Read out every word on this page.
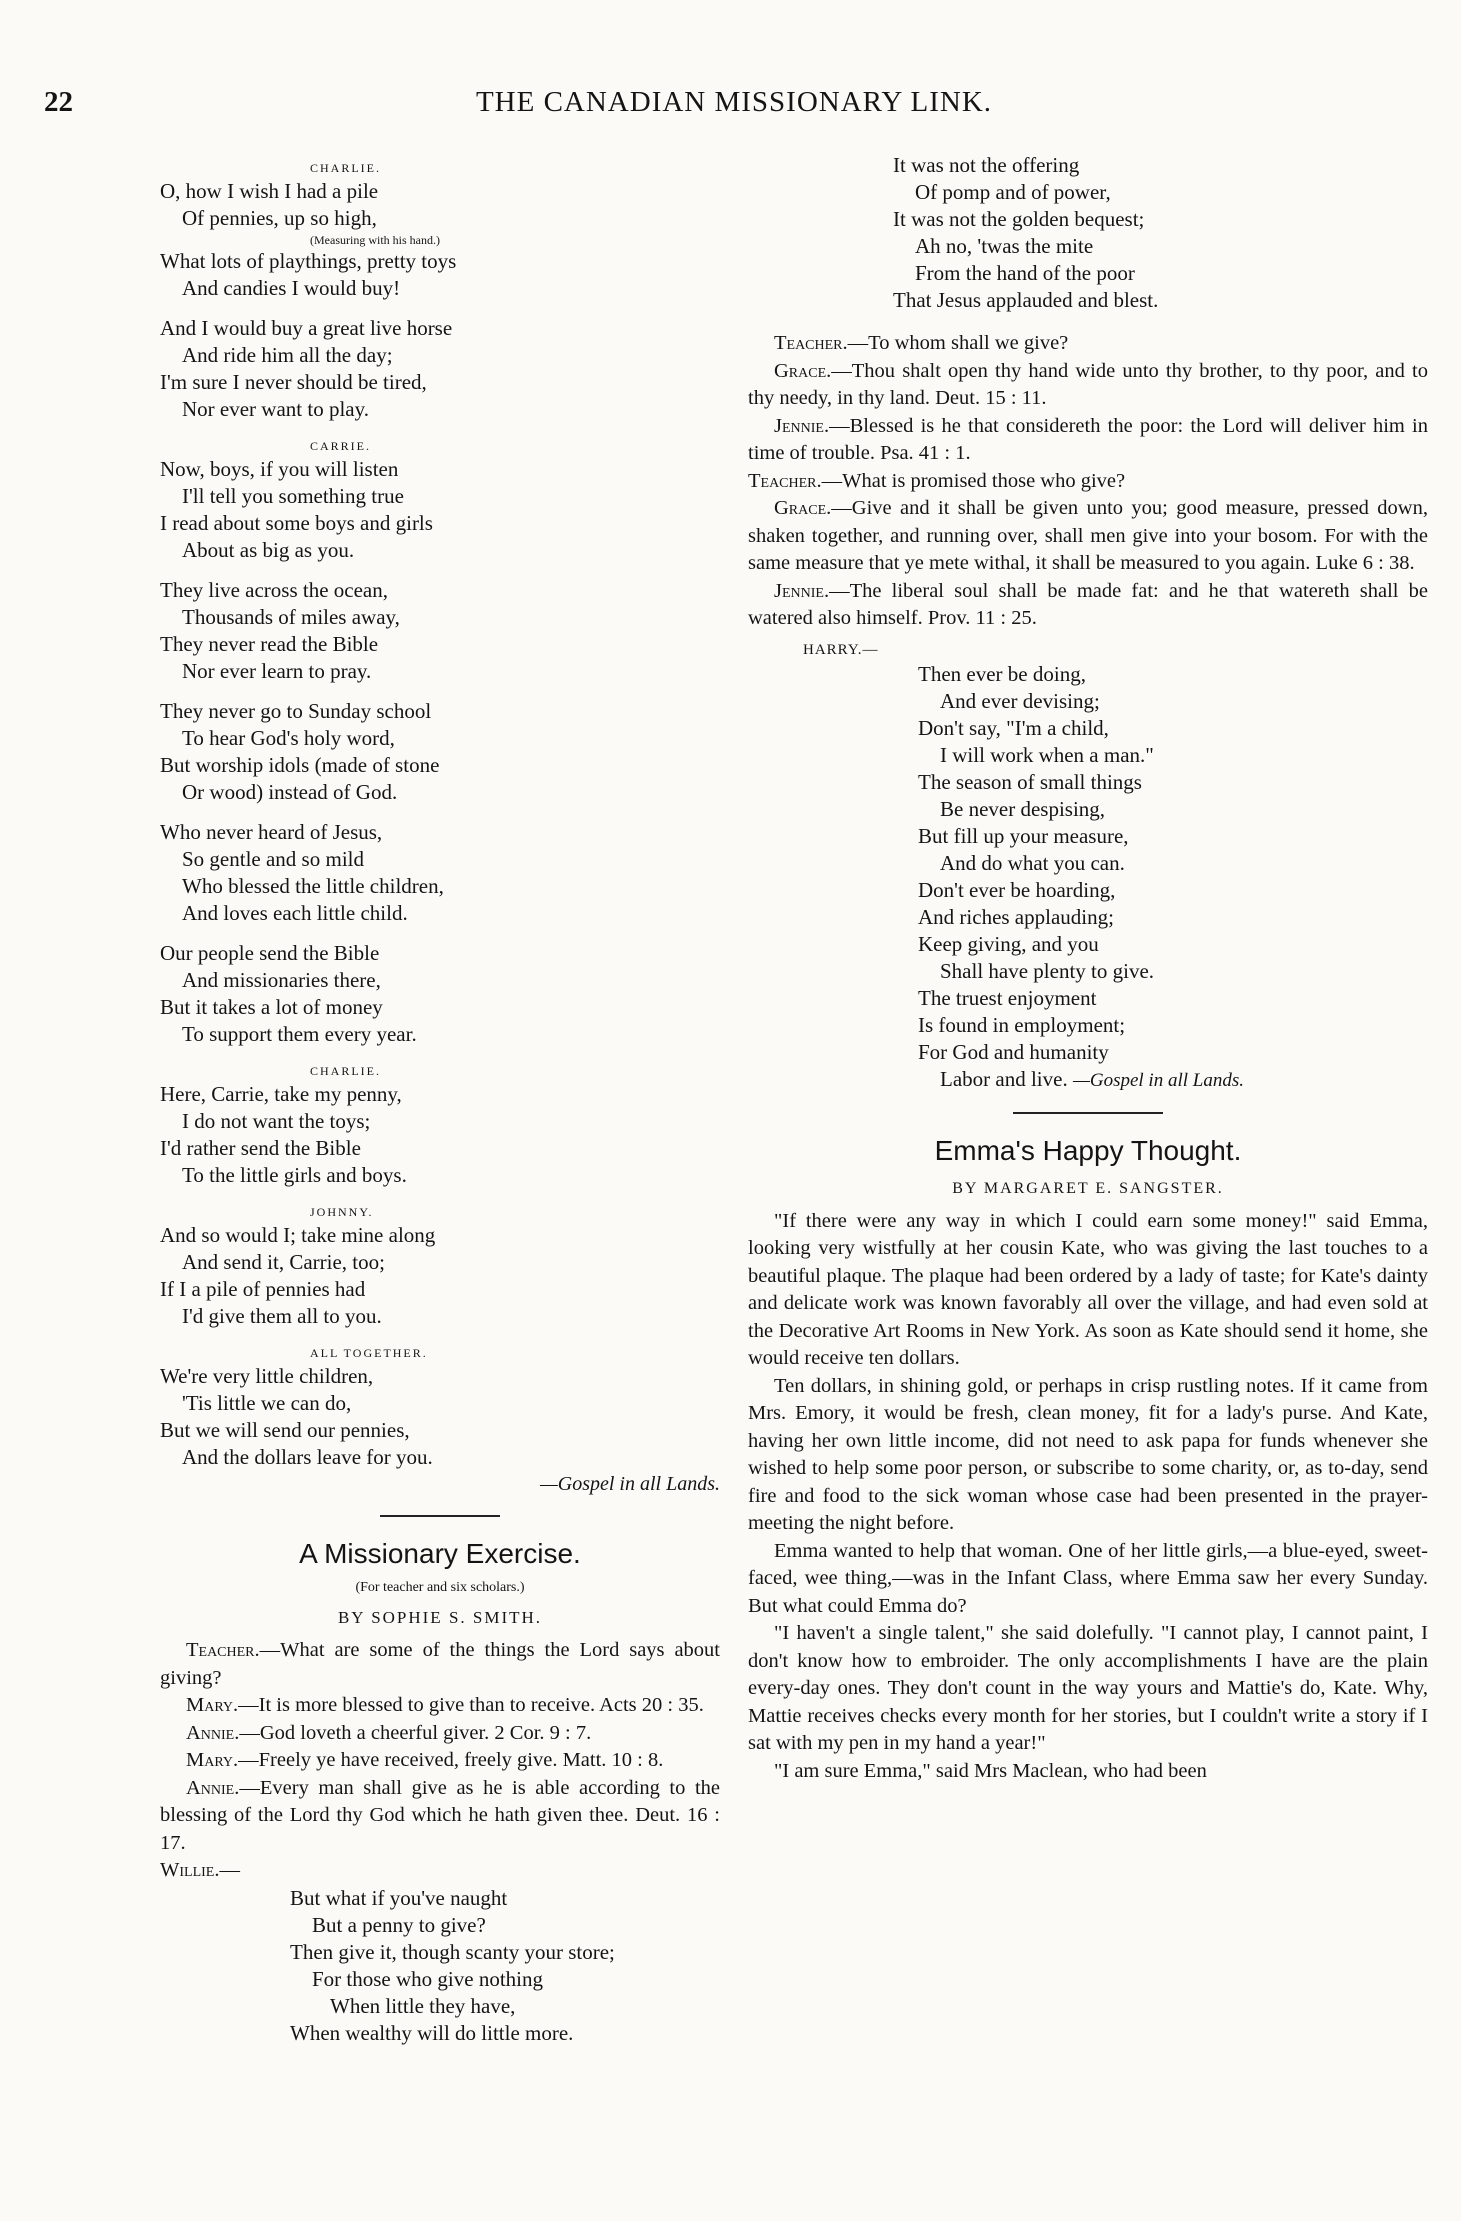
22	THE CANADIAN MISSIONARY LINK.
CHARLIE.
O, how I wish I had a pile
Of pennies, up so high,
(Measuring with his hand.)
What lots of playthings, pretty toys
And candies I would buy!
And I would buy a great live horse
And ride him all the day;
I'm sure I never should be tired,
Nor ever want to play.
CARRIE.
Now, boys, if you will listen
I'll tell you something true
I read about some boys and girls
About as big as you.
They live across the ocean,
Thousands of miles away,
They never read the Bible
Nor ever learn to pray.
They never go to Sunday school
To hear God's holy word,
But worship idols (made of stone
Or wood) instead of God.
Who never heard of Jesus,
So gentle and so mild
Who blessed the little children,
And loves each little child.
Our people send the Bible
And missionaries there,
But it takes a lot of money
To support them every year.
CHARLIE.
Here, Carrie, take my penny,
I do not want the toys;
I'd rather send the Bible
To the little girls and boys.
JOHNNY.
And so would I; take mine along
And send it, Carrie, too;
If I a pile of pennies had
I'd give them all to you.
ALL TOGETHER.
We're very little children,
'Tis little we can do,
But we will send our pennies,
And the dollars leave for you.
—Gospel in all Lands.
A Missionary Exercise.
(For teacher and six scholars.)
BY SOPHIE S. SMITH.

Teacher.—What are some of the things the Lord says about giving?

Mary.—It is more blessed to give than to receive. Acts 20 : 35.

Annie.—God loveth a cheerful giver. 2 Cor. 9 : 7.

Mary.—Freely ye have received, freely give. Matt. 10 : 8.

Annie.—Every man shall give as he is able according to the blessing of the Lord thy God which he hath given thee. Deut. 16 : 17.

Willie.—
But what if you've naught
But a penny to give?
Then give it, though scanty your store;
For those who give nothing
When little they have,
When wealthy will do little more.
It was not the offering
Of pomp and of power,
It was not the golden bequest;
Ah no, 'twas the mite
From the hand of the poor
That Jesus applauded and blest.

Teacher.—To whom shall we give?

Grace.—Thou shalt open thy hand wide unto thy brother, to thy poor, and to thy needy, in thy land. Deut. 15 : 11.

Jennie.—Blessed is he that considereth the poor: the Lord will deliver him in time of trouble. Psa. 41 : 1.

Teacher.—What is promised those who give?

Grace.—Give and it shall be given unto you; good measure, pressed down, shaken together, and running over, shall men give into your bosom. For with the same measure that ye mete withal, it shall be measured to you again. Luke 6 : 38.

Jennie.—The liberal soul shall be made fat: and he that watereth shall be watered also himself. Prov. 11 : 25.

HARRY.—
Then ever be doing,
And ever devising;
Don't say, "I'm a child,
I will work when a man."
The season of small things
Be never despising,
But fill up your measure,
And do what you can.
Don't ever be hoarding,
And riches applauding;
Keep giving, and you
Shall have plenty to give.
The truest enjoyment
Is found in employment;
For God and humanity
Labor and live. —Gospel in all Lands.
Emma's Happy Thought.
BY MARGARET E. SANGSTER.

"If there were any way in which I could earn some money!" said Emma, looking very wistfully at her cousin Kate, who was giving the last touches to a beautiful plaque. The plaque had been ordered by a lady of taste; for Kate's dainty and delicate work was known favorably all over the village, and had even sold at the Decorative Art Rooms in New York. As soon as Kate should send it home, she would receive ten dollars.

Ten dollars, in shining gold, or perhaps in crisp rustling notes. If it came from Mrs. Emory, it would be fresh, clean money, fit for a lady's purse. And Kate, having her own little income, did not need to ask papa for funds whenever she wished to help some poor person, or subscribe to some charity, or, as to-day, send fire and food to the sick woman whose case had been presented in the prayer-meeting the night before.

Emma wanted to help that woman. One of her little girls,—a blue-eyed, sweet-faced, wee thing,—was in the Infant Class, where Emma saw her every Sunday. But what could Emma do?

"I haven't a single talent," she said dolefully. "I cannot play, I cannot paint, I don't know how to embroider. The only accomplishments I have are the plain every-day ones. They don't count in the way yours and Mattie's do, Kate. Why, Mattie receives checks every month for her stories, but I couldn't write a story if I sat with my pen in my hand a year!"

"I am sure Emma," said Mrs Maclean, who had been
